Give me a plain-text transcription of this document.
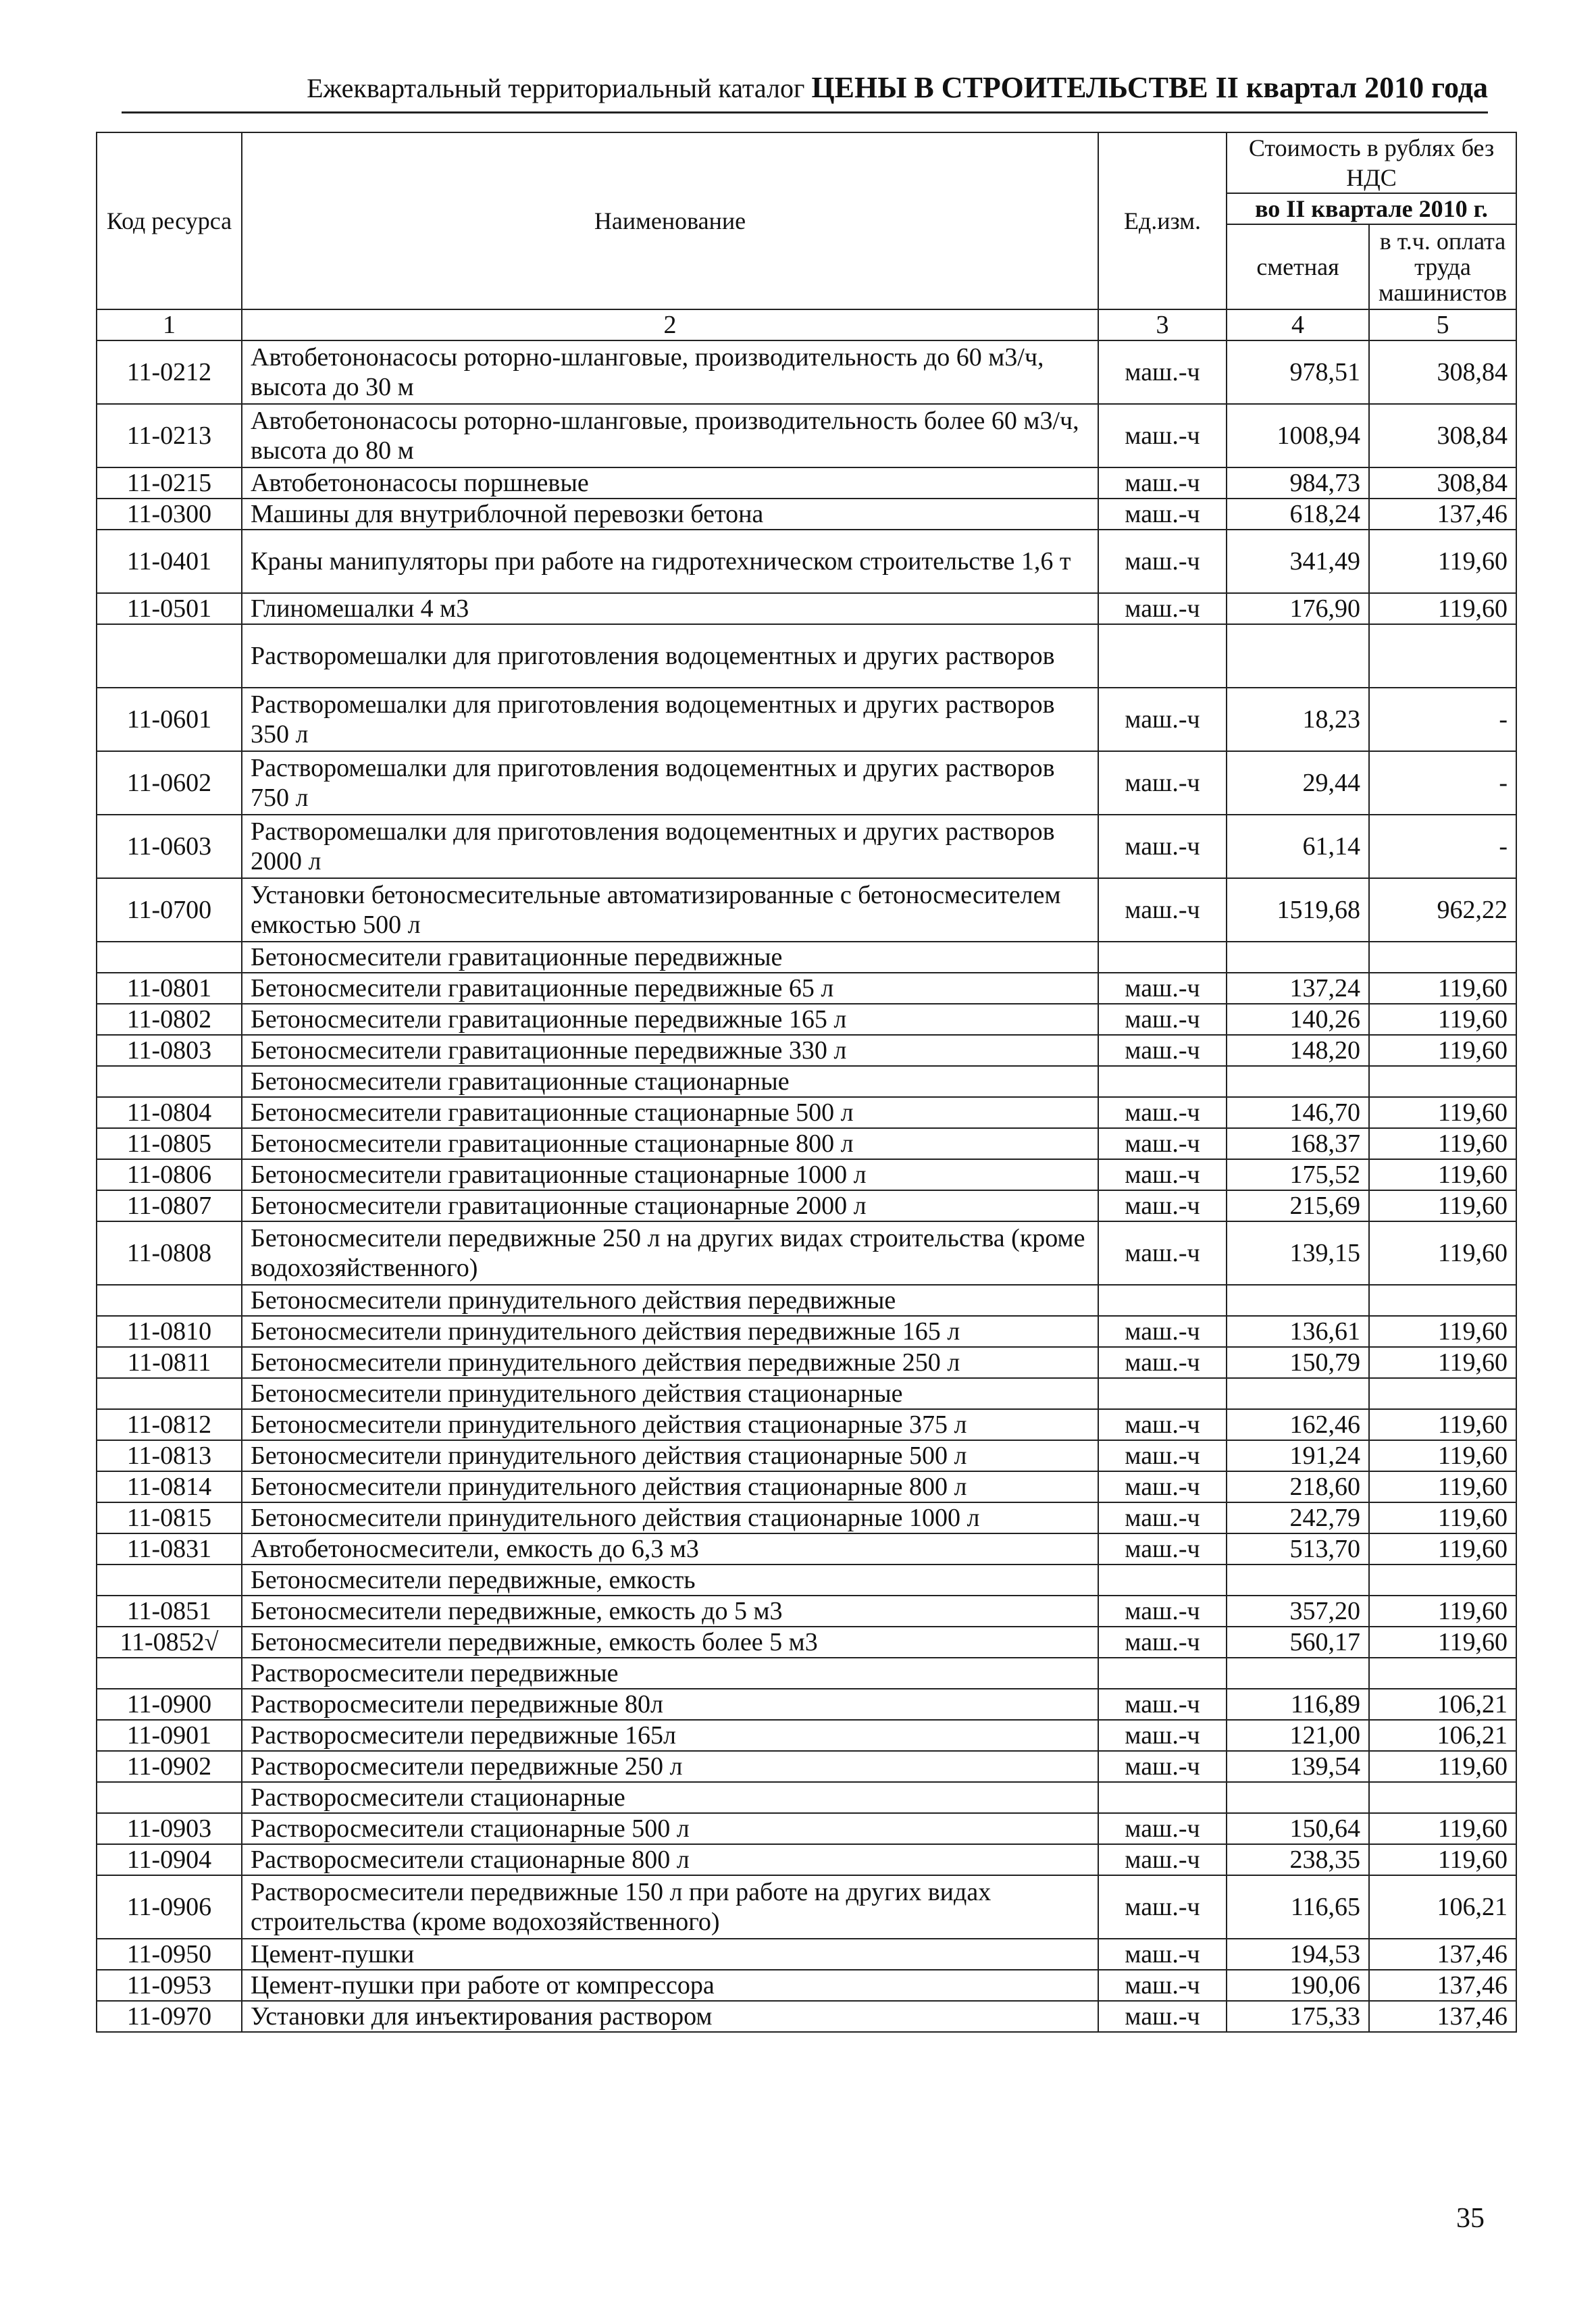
Ежеквартальный территориальный каталог ЦЕНЫ В СТРОИТЕЛЬСТВЕ II квартал 2010 года
Код ресурса	Наименование	Ед.изм.	Стоимость в рублях без НДС	
			во II квартале 2010 г.	
			сметная	в т.ч. оплата труда машинистов
1	2	3	4	5
11-0212	Автобетононасосы роторно-шланговые, производительность до 60 м3/ч, высота до 30 м	маш.-ч	978,51	308,84
11-0213	Автобетононасосы роторно-шланговые, производительность более 60 м3/ч, высота до 80 м	маш.-ч	1008,94	308,84
11-0215	Автобетононасосы поршневые	маш.-ч	984,73	308,84
11-0300	Машины для внутриблочной перевозки бетона	маш.-ч	618,24	137,46
11-0401	Краны манипуляторы при работе на гидротехническом строительстве 1,6 т	маш.-ч	341,49	119,60
11-0501	Глиномешалки 4 м3	маш.-ч	176,90	119,60
	Растворомешалки для приготовления водоцементных и других растворов			
11-0601	Растворомешалки для приготовления водоцементных и других растворов 350 л	маш.-ч	18,23	-
11-0602	Растворомешалки для приготовления водоцементных и других растворов 750 л	маш.-ч	29,44	-
11-0603	Растворомешалки для приготовления водоцементных и других растворов 2000 л	маш.-ч	61,14	-
11-0700	Установки бетоносмесительные автоматизированные с бетоносмесителем емкостью 500 л	маш.-ч	1519,68	962,22
	Бетоносмесители гравитационные передвижные			
11-0801	Бетоносмесители гравитационные передвижные 65 л	маш.-ч	137,24	119,60
11-0802	Бетоносмесители гравитационные передвижные 165 л	маш.-ч	140,26	119,60
11-0803	Бетоносмесители гравитационные передвижные 330 л	маш.-ч	148,20	119,60
	Бетоносмесители гравитационные стационарные			
11-0804	Бетоносмесители гравитационные стационарные 500 л	маш.-ч	146,70	119,60
11-0805	Бетоносмесители гравитационные стационарные 800 л	маш.-ч	168,37	119,60
11-0806	Бетоносмесители гравитационные стационарные 1000 л	маш.-ч	175,52	119,60
11-0807	Бетоносмесители гравитационные стационарные 2000 л	маш.-ч	215,69	119,60
11-0808	Бетоносмесители передвижные 250 л на других видах строительства (кроме водохозяйственного)	маш.-ч	139,15	119,60
	Бетоносмесители принудительного действия передвижные			
11-0810	Бетоносмесители принудительного действия передвижные 165 л	маш.-ч	136,61	119,60
11-0811	Бетоносмесители принудительного действия передвижные 250 л	маш.-ч	150,79	119,60
	Бетоносмесители принудительного действия стационарные			
11-0812	Бетоносмесители принудительного действия стационарные 375 л	маш.-ч	162,46	119,60
11-0813	Бетоносмесители принудительного действия стационарные 500 л	маш.-ч	191,24	119,60
11-0814	Бетоносмесители принудительного действия стационарные 800 л	маш.-ч	218,60	119,60
11-0815	Бетоносмесители принудительного действия стационарные 1000 л	маш.-ч	242,79	119,60
11-0831	Автобетоносмесители, емкость до 6,3 м3	маш.-ч	513,70	119,60
	Бетоносмесители передвижные, емкость			
11-0851	Бетоносмесители передвижные, емкость до 5 м3	маш.-ч	357,20	119,60
11-0852√	Бетоносмесители передвижные, емкость более 5 м3	маш.-ч	560,17	119,60
	Растворосмесители передвижные			
11-0900	Растворосмесители передвижные 80л	маш.-ч	116,89	106,21
11-0901	Растворосмесители передвижные 165л	маш.-ч	121,00	106,21
11-0902	Растворосмесители передвижные 250 л	маш.-ч	139,54	119,60
	Растворосмесители стационарные			
11-0903	Растворосмесители стационарные 500 л	маш.-ч	150,64	119,60
11-0904	Растворосмесители стационарные 800 л	маш.-ч	238,35	119,60
11-0906	Растворосмесители передвижные 150 л при работе на других видах строительства (кроме водохозяйственного)	маш.-ч	116,65	106,21
11-0950	Цемент-пушки	маш.-ч	194,53	137,46
11-0953	Цемент-пушки при работе от компрессора	маш.-ч	190,06	137,46
11-0970	Установки для инъектирования раствором	маш.-ч	175,33	137,46
35
